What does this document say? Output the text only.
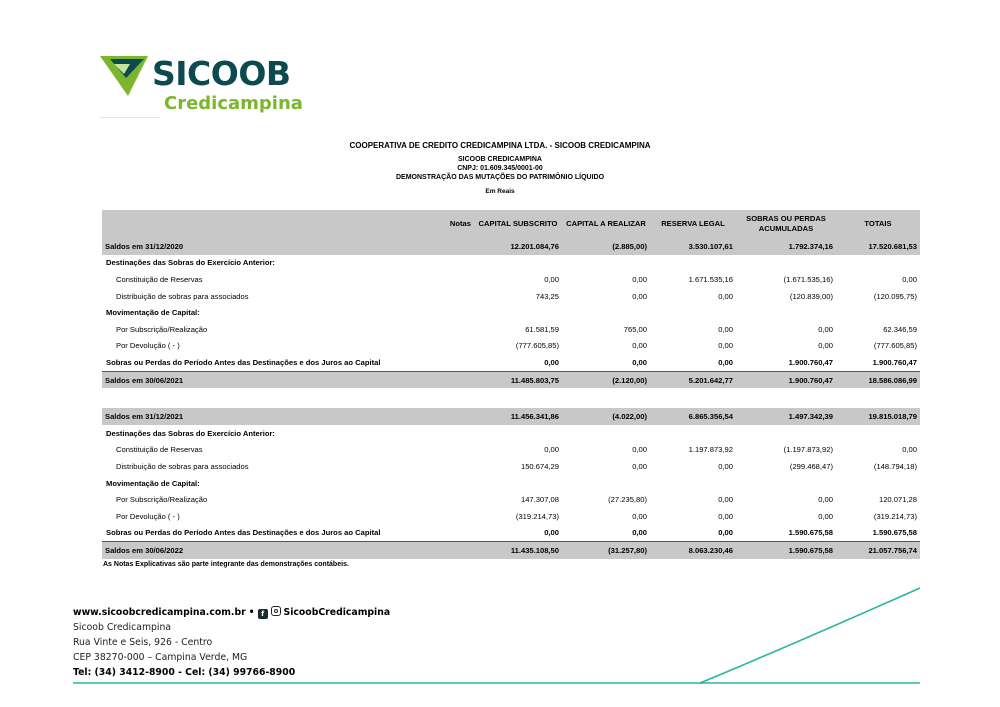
SICOOB
Credicampina
COOPERATIVA DE CREDITO CREDICAMPINA LTDA. - SICOOB CREDICAMPINA
SICOOB CREDICAMPINA
CNPJ: 01.609.345/0001-00
DEMONSTRAÇÃO DAS MUTAÇÕES DO PATRIMÔNIO LÍQUIDO
Em Reais
	Notas	CAPITAL SUBSCRITO	CAPITAL A REALIZAR	RESERVA LEGAL	SOBRAS OU PERDAS ACUMULADAS	TOTAIS
Saldos em 31/12/2020		12.201.084,76	(2.885,00)	3.530.107,61	1.792.374,16	17.520.681,53
Destinações das Sobras do Exercício Anterior:						
Constituição de Reservas		0,00	0,00	1.671.535,16	(1.671.535,16)	0,00
Distribuição de sobras para associados		743,25	0,00	0,00	(120.839,00)	(120.095,75)
Movimentação de Capital:						
Por Subscrição/Realização		61.581,59	765,00	0,00	0,00	62.346,59
Por Devolução ( - )		(777.605,85)	0,00	0,00	0,00	(777.605,85)
Sobras ou Perdas do Período Antes das Destinações e dos Juros ao Capital		0,00	0,00	0,00	1.900.760,47	1.900.760,47
Saldos em 30/06/2021		11.485.803,75	(2.120,00)	5.201.642,77	1.900.760,47	18.586.086,99

Saldos em 31/12/2021		11.456.341,86	(4.022,00)	6.865.356,54	1.497.342,39	19.815.018,79
Destinações das Sobras do Exercício Anterior:						
Constituição de Reservas		0,00	0,00	1.197.873,92	(1.197.873,92)	0,00
Distribuição de sobras para associados		150.674,29	0,00	0,00	(299.468,47)	(148.794,18)
Movimentação de Capital:						
Por Subscrição/Realização		147.307,08	(27.235,80)	0,00	0,00	120.071,28
Por Devolução ( - )		(319.214,73)	0,00	0,00	0,00	(319.214,73)
Sobras ou Perdas do Período Antes das Destinações e dos Juros ao Capital		0,00	0,00	0,00	1.590.675,58	1.590.675,58
Saldos em 30/06/2022		11.435.108,50	(31.257,80)	8.063.230,46	1.590.675,58	21.057.756,74
As Notas Explicativas são parte integrante das demonstrações contábeis.
www.sicoobcredicampina.com.br • f SicoobCredicampina
Sicoob Credicampina
Rua Vinte e Seis, 926 - Centro
CEP 38270-000 – Campina Verde, MG
Tel: (34) 3412-8900 - Cel: (34) 99766-8900
